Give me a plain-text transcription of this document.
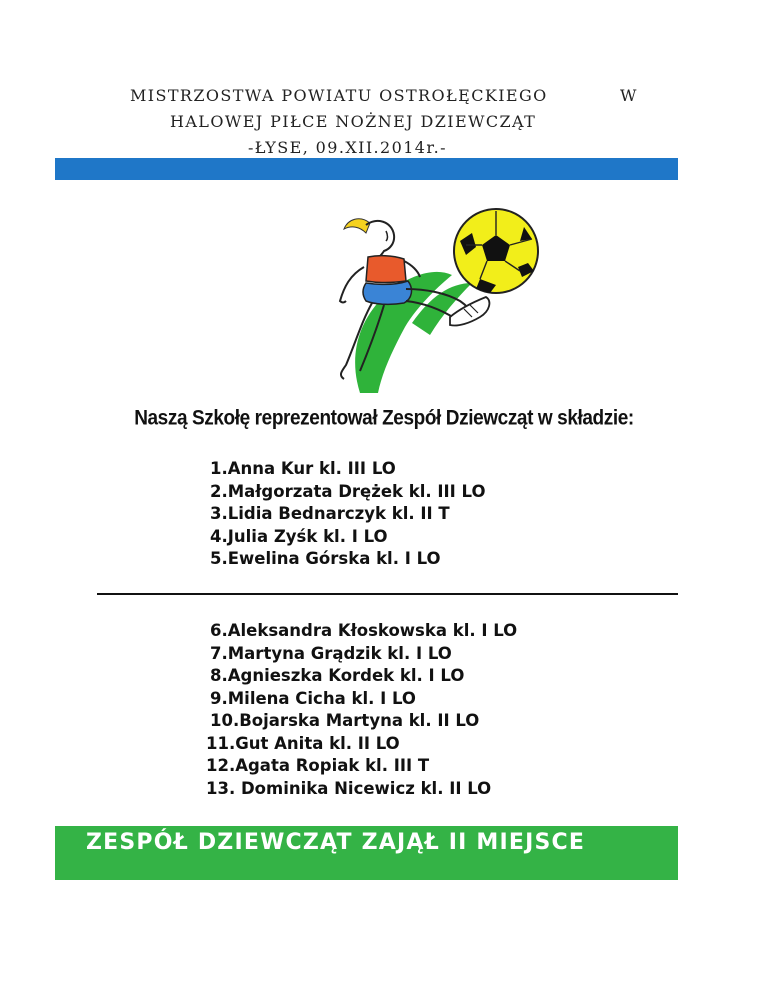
MISTRZOSTWA POWIATU OSTROŁĘCKIEGO	W
HALOWEJ PIŁCE NOŻNEJ DZIEWCZĄT
-ŁYSE, 09.XII.2014r.-
Naszą Szkołę reprezentował Zespół Dziewcząt w składzie:
1.Anna Kur kl. III LO
2.Małgorzata Drężek kl. III LO
3.Lidia Bednarczyk kl. II T
4.Julia Zyśk kl. I LO
5.Ewelina Górska kl. I LO
6.Aleksandra Kłoskowska kl. I LO
7.Martyna Grądzik kl. I LO
8.Agnieszka Kordek kl. I LO
9.Milena Cicha kl. I LO
10.Bojarska Martyna kl. II LO
11.Gut Anita kl. II LO
12.Agata Ropiak kl. III T
13. Dominika Nicewicz kl. II LO
ZESPÓŁ DZIEWCZĄT ZAJĄŁ II MIEJSCE
